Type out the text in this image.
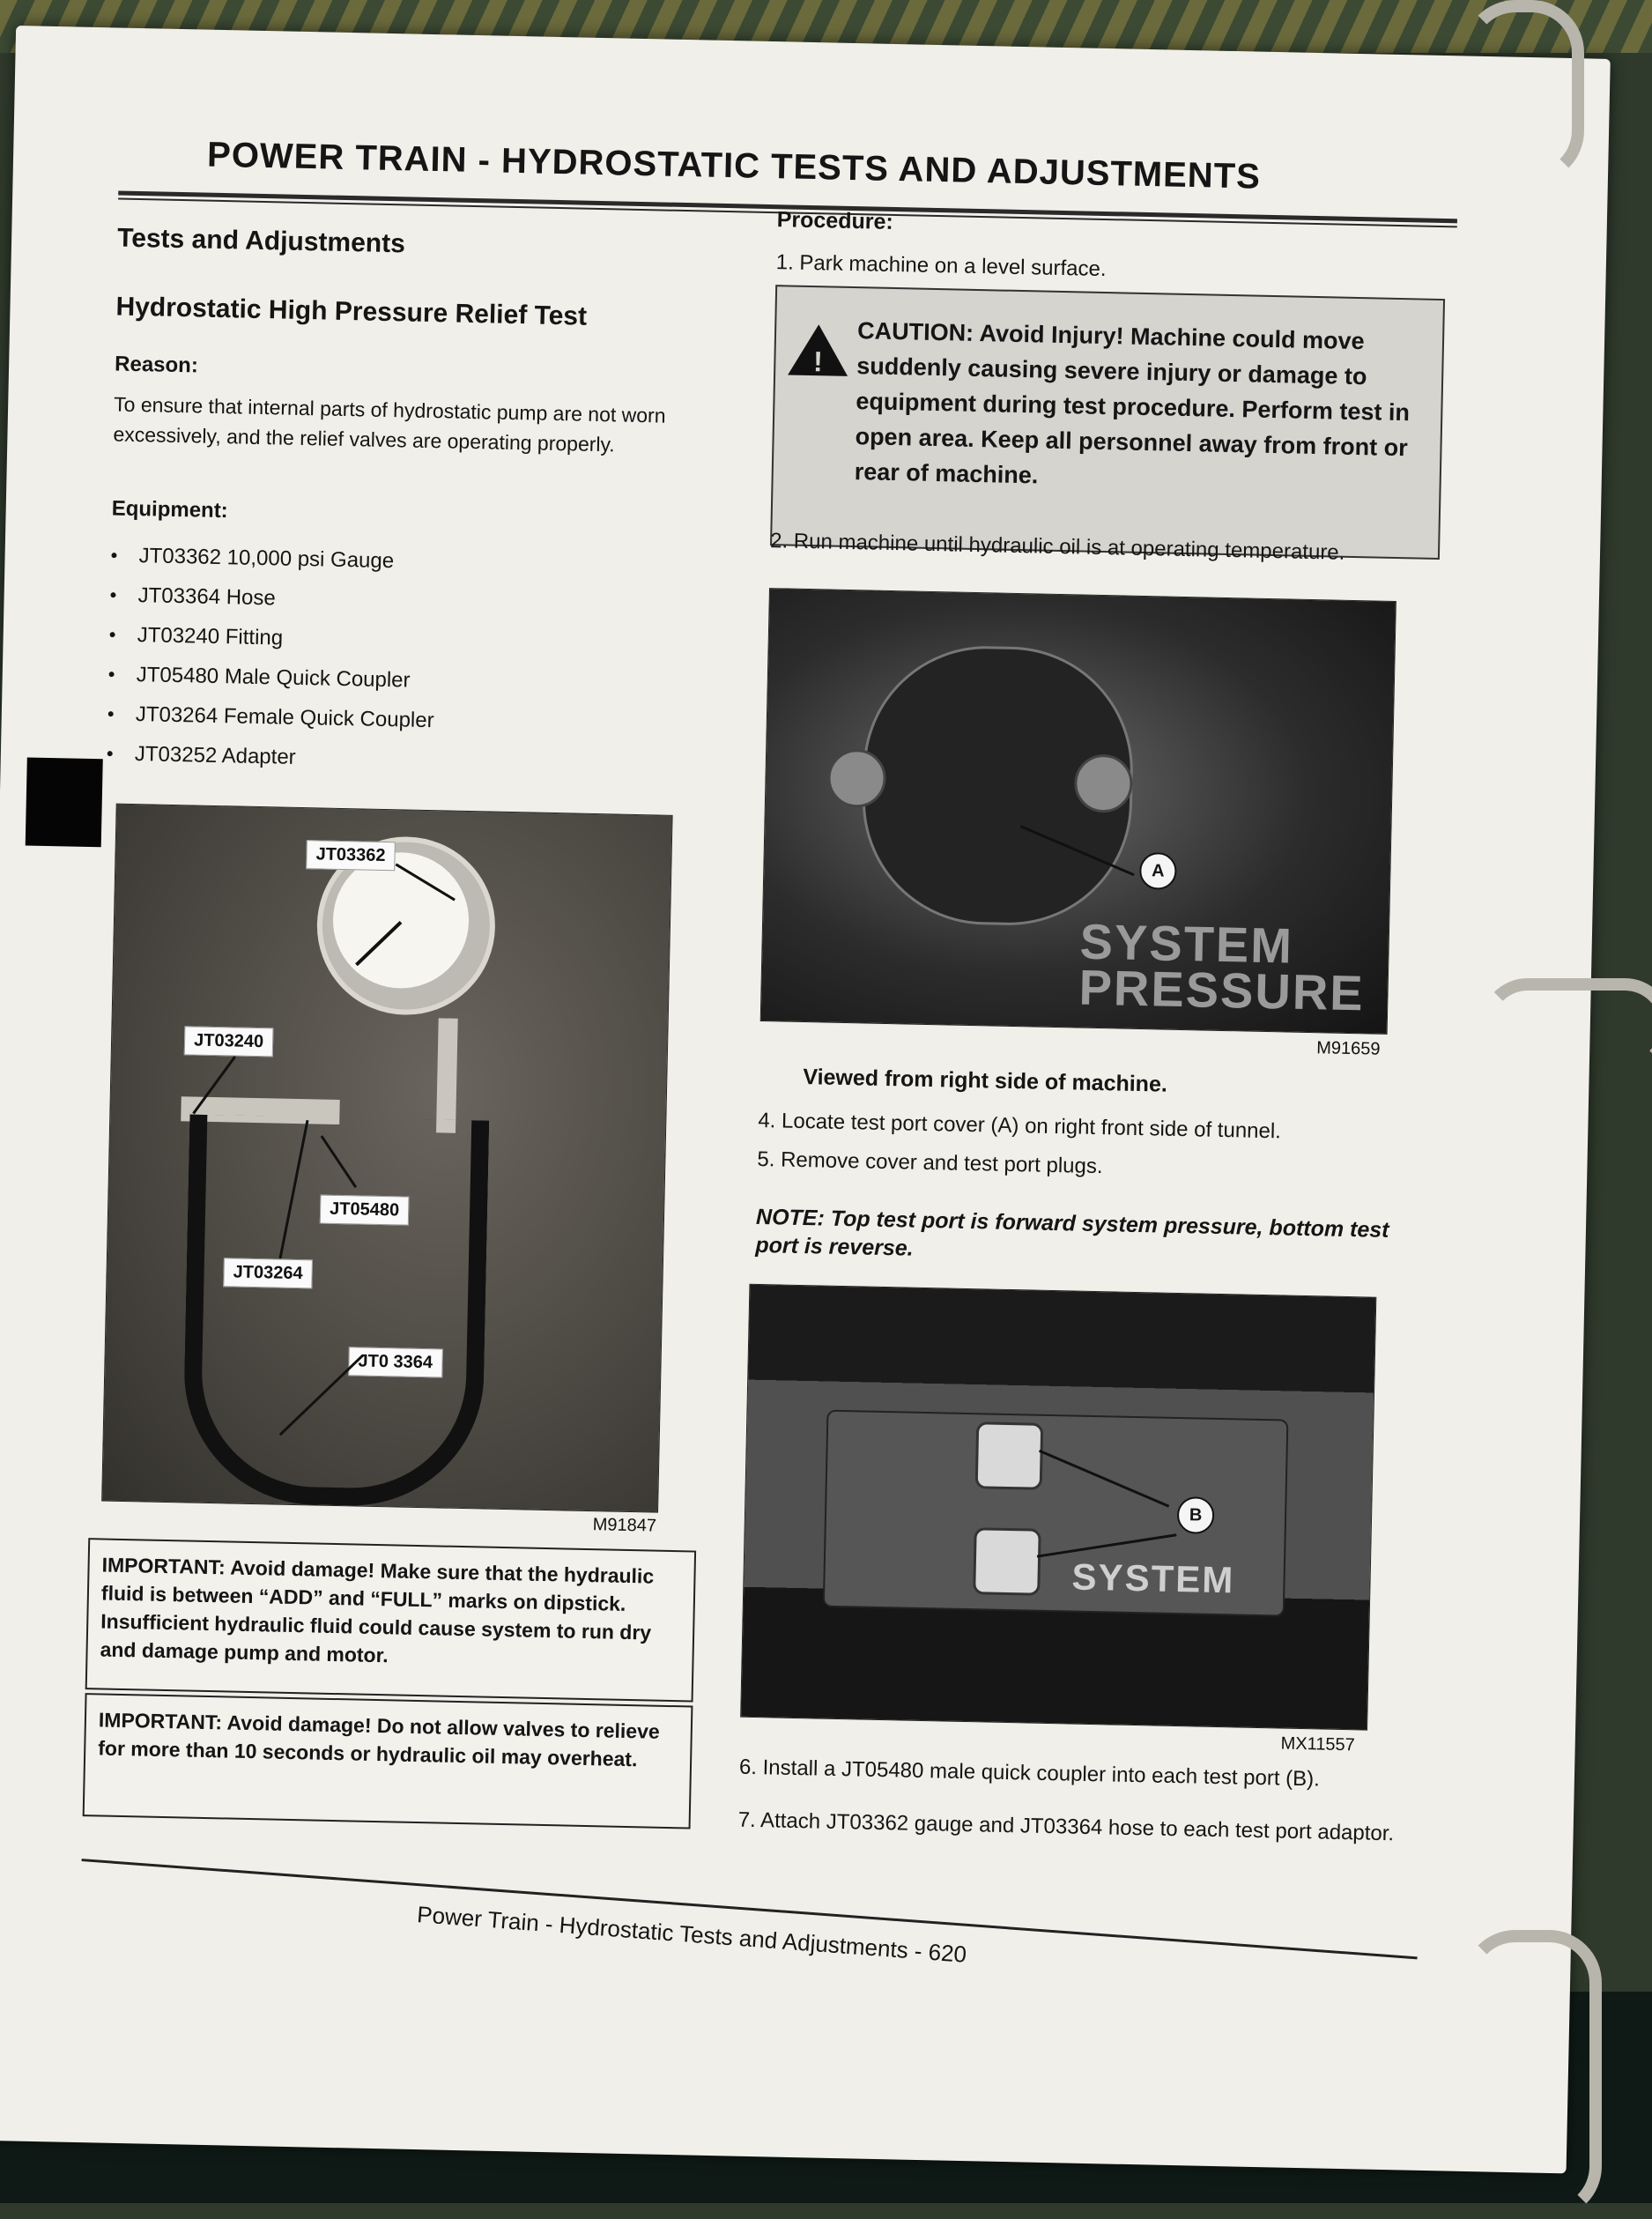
POWER TRAIN - HYDROSTATIC TESTS AND ADJUSTMENTS
Tests and Adjustments
Hydrostatic High Pressure Relief Test
Reason:
To ensure that internal parts of hydrostatic pump are not worn excessively, and the relief valves are operating properly.
Equipment:
• JT03362 10,000 psi Gauge
• JT03364 Hose
• JT03240 Fitting
• JT05480 Male Quick Coupler
• JT03264 Female Quick Coupler
• JT03252 Adapter
JT03362
JT03240
JT05480
JT03264
JT0 3364
M91847
IMPORTANT: Avoid damage! Make sure that the hydraulic fluid is between “ADD” and “FULL” marks on dipstick. Insufficient hydraulic fluid could cause system to run dry and damage pump and motor.
IMPORTANT: Avoid damage! Do not allow valves to relieve for more than 10 seconds or hydraulic oil may overheat.
Procedure:
1. Park machine on a level surface.
!
CAUTION: Avoid Injury! Machine could move suddenly causing severe injury or damage to equipment during test procedure. Perform test in open area. Keep all personnel away from front or rear of machine.
2. Run machine until hydraulic oil is at operating temperature.
SYSTEM
PRESSURE
A
M91659
Viewed from right side of machine.
4. Locate test port cover (A) on right front side of tunnel.
5. Remove cover and test port plugs.
NOTE: Top test port is forward system pressure, bottom test port is reverse.
SYSTEM
B
MX11557
6. Install a JT05480 male quick coupler into each test port (B).
7. Attach JT03362 gauge and JT03364 hose to each test port adaptor.
Power Train - Hydrostatic Tests and Adjustments - 620
